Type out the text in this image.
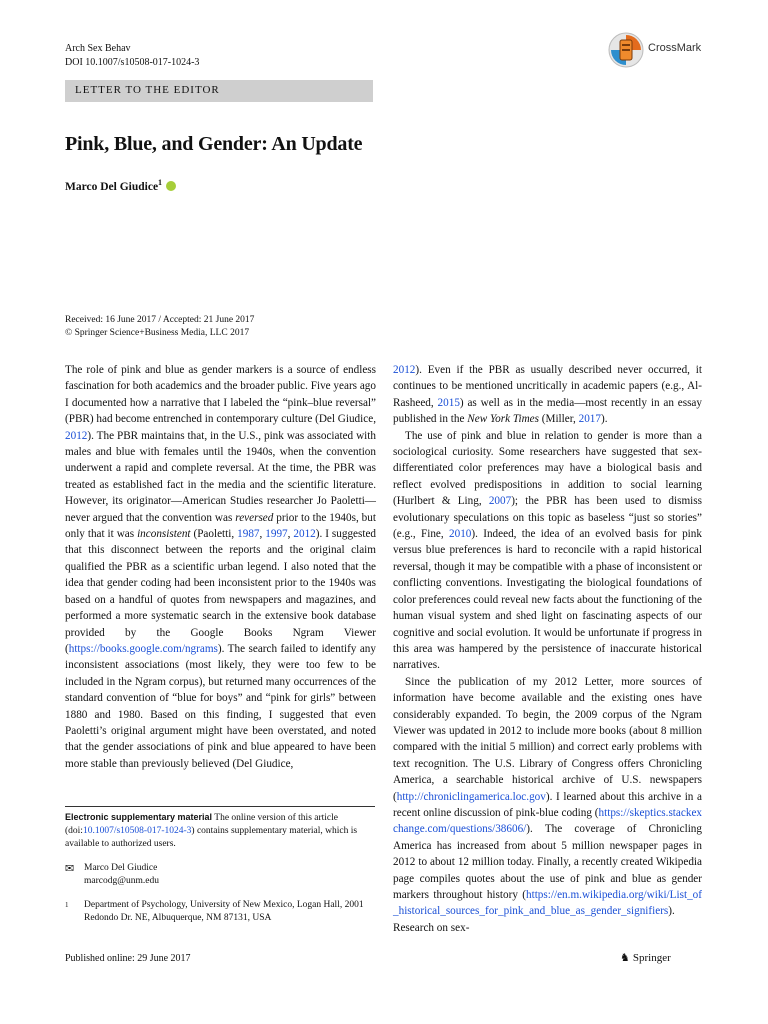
Arch Sex Behav
DOI 10.1007/s10508-017-1024-3
CrossMark
LETTER TO THE EDITOR
Pink, Blue, and Gender: An Update
Marco Del Giudice$^1$
Received: 16 June 2017 / Accepted: 21 June 2017
© Springer Science+Business Media, LLC 2017

The role of pink and blue as gender markers is a source of endless fascination for both academics and the broader public. Five years ago I documented how a narrative that I labeled the “pink–blue reversal” (PBR) had become entrenched in contemporary culture (Del Giudice, 2012). The PBR maintains that, in the U.S., pink was associated with males and blue with females until the 1940s, when the convention underwent a rapid and complete reversal. At the time, the PBR was treated as established fact in the media and the scientific literature. However, its originator—American Studies researcher Jo Paoletti—never argued that the convention was reversed prior to the 1940s, but only that it was inconsistent (Paoletti, 1987, 1997, 2012). I suggested that this disconnect between the reports and the original claim qualified the PBR as a scientific urban legend. I also noted that the idea that gender coding had been inconsistent prior to the 1940s was based on a handful of quotes from newspapers and magazines, and performed a more systematic search in the extensive book database provided by the Google Books Ngram Viewer (https://books.google.com/ngrams). The search failed to identify any inconsistent associations (most likely, they were too few to be included in the Ngram corpus), but returned many occurrences of the standard convention of “blue for boys” and “pink for girls” between 1880 and 1980. Based on this finding, I suggested that even Paoletti’s original argument might have been overstated, and noted that the gender associations of pink and blue appeared to have been more stable than previously believed (Del Giudice,

2012). Even if the PBR as usually described never occurred, it continues to be mentioned uncritically in academic papers (e.g., Al-Rasheed, 2015) as well as in the media—most recently in an essay published in the New York Times (Miller, 2017).

The use of pink and blue in relation to gender is more than a sociological curiosity. Some researchers have suggested that sex-differentiated color preferences may have a biological basis and reflect evolved predispositions in addition to social learning (Hurlbert & Ling, 2007); the PBR has been used to dismiss evolutionary speculations on this topic as baseless “just so stories” (e.g., Fine, 2010). Indeed, the idea of an evolved basis for pink versus blue preferences is hard to reconcile with a rapid historical reversal, though it may be compatible with a phase of inconsistent or conflicting conventions. Investigating the biological foundations of color preferences could reveal new facts about the functioning of the human visual system and shed light on fascinating aspects of our cognitive and social evolution. It would be unfortunate if progress in this area was hampered by the persistence of inaccurate historical narratives.

Since the publication of my 2012 Letter, more sources of information have become available and the existing ones have considerably expanded. To begin, the 2009 corpus of the Ngram Viewer was updated in 2012 to include more books (about 8 million compared with the initial 5 million) and correct early problems with text recognition. The U.S. Library of Congress offers Chronicling America, a searchable historical archive of U.S. newspapers (http://chroniclingamerica.loc.gov). I learned about this archive in a recent online discussion of pink-blue coding (https://skeptics.stackexchange.com/questions/38606/). The coverage of Chronicling America has increased from about 5 million newspaper pages in 2012 to about 12 million today. Finally, a recently created Wikipedia page compiles quotes about the use of pink and blue as gender markers throughout history (https://en.m.wikipedia.org/wiki/List_of_historical_sources_for_pink_and_blue_as_gender_signifiers). Research on sex-

Electronic supplementary material The online version of this article (doi:10.1007/s10508-017-1024-3) contains supplementary material, which is available to authorized users.
✉ Marco Del Giudice
marcodg@unm.edu
1 Department of Psychology, University of New Mexico, Logan Hall, 2001 Redondo Dr. NE, Albuquerque, NM 87131, USA
Published online: 29 June 2017	♞ Springer
